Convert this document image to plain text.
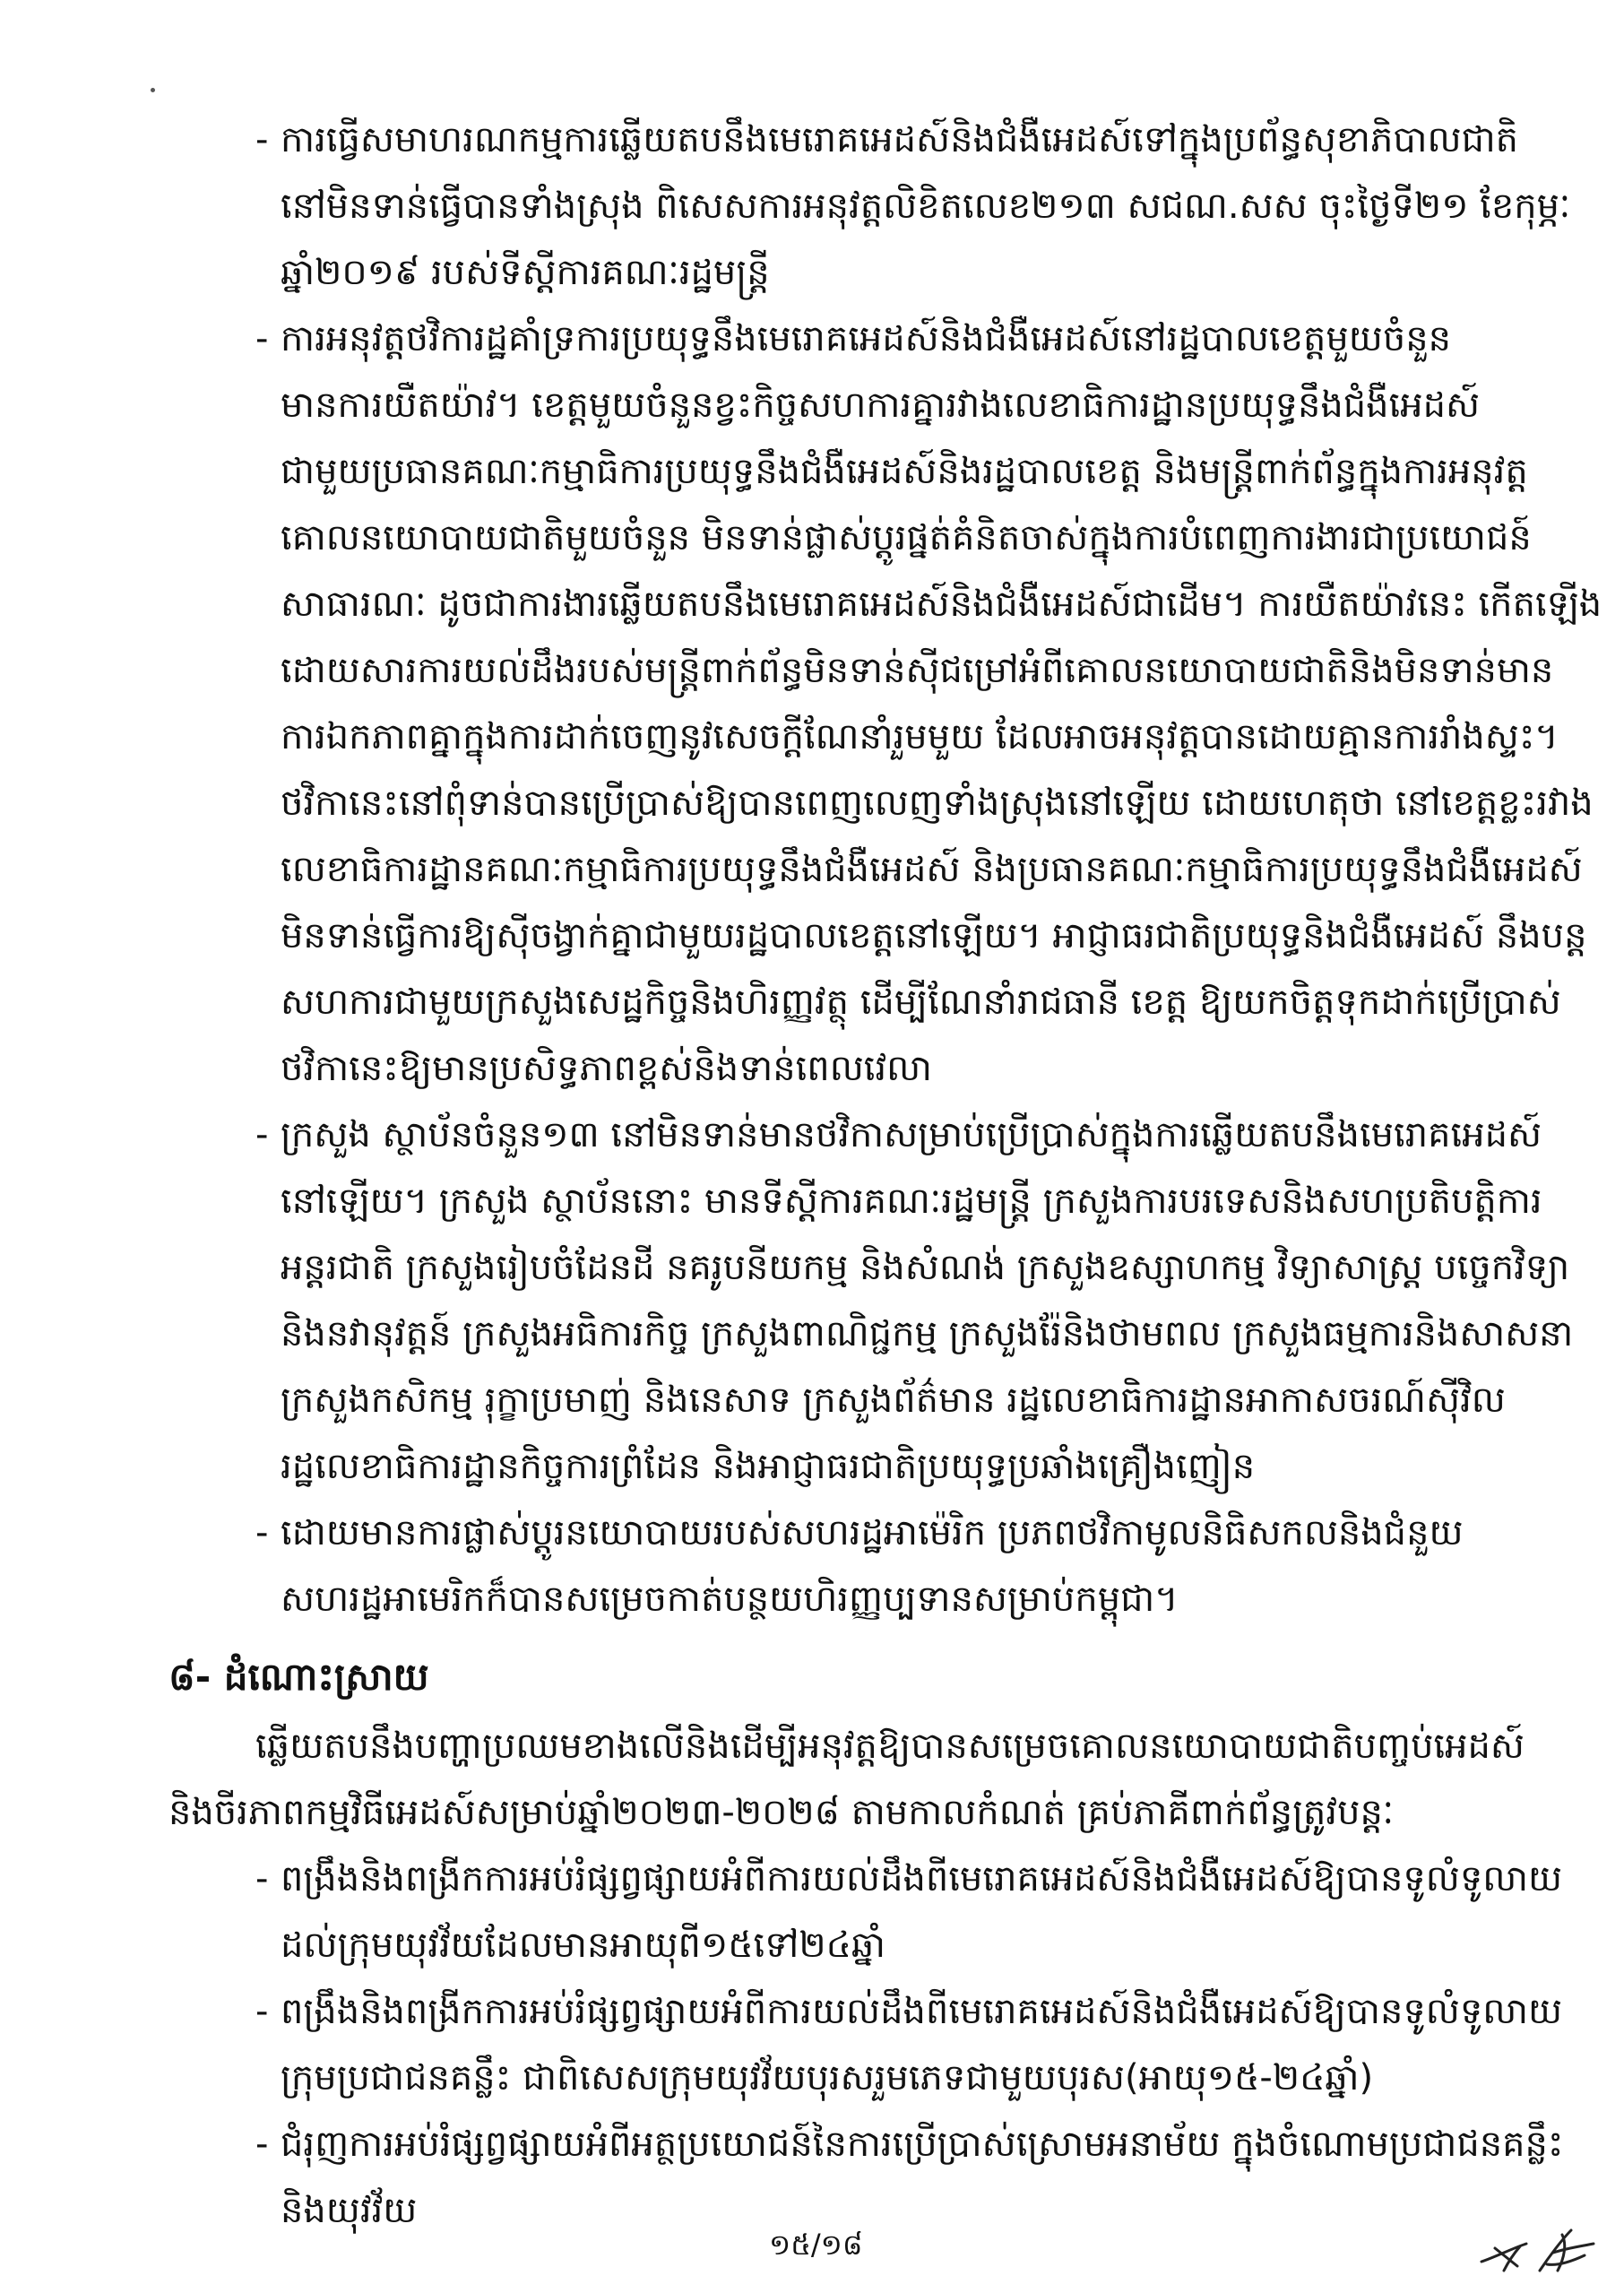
- ការធ្វើសមាហរណកម្មការឆ្លើយតបនឹងមេរោគអេដស៍និងជំងឺអេដស៍ទៅក្នុងប្រព័ន្ធសុខាភិបាលជាតិ
នៅមិនទាន់ធ្វើបានទាំងស្រុង ពិសេសការអនុវត្តលិខិតលេខ២១៣ សជណ.សស ចុះថ្ងៃទី២១ ខែកុម្ភៈ
ឆ្នាំ២០១៩ របស់ទីស្តីការគណៈរដ្ឋមន្ត្រី
- ការអនុវត្តថវិការដ្ឋគាំទ្រការប្រយុទ្ធនឹងមេរោគអេដស៍និងជំងឺអេដស៍នៅរដ្ឋបាលខេត្តមួយចំនួន
មានការយឺតយ៉ាវ។ ខេត្តមួយចំនួនខ្វះកិច្ចសហការគ្នារវាងលេខាធិការដ្ឋានប្រយុទ្ធនឹងជំងឺអេដស៍
ជាមួយប្រធានគណៈកម្មាធិការប្រយុទ្ធនឹងជំងឺអេដស៍និងរដ្ឋបាលខេត្ត និងមន្ត្រីពាក់ព័ន្ធក្នុងការអនុវត្ត
គោលនយោបាយជាតិមួយចំនួន មិនទាន់ផ្លាស់ប្តូរផ្នត់គំនិតចាស់ក្នុងការបំពេញការងារជាប្រយោជន៍
សាធារណៈ ដូចជាការងារឆ្លើយតបនឹងមេរោគអេដស៍និងជំងឺអេដស៍ជាដើម។ ការយឺតយ៉ាវនេះ កើតឡើង
ដោយសារការយល់ដឹងរបស់មន្ត្រីពាក់ព័ន្ធមិនទាន់ស៊ីជម្រៅអំពីគោលនយោបាយជាតិនិងមិនទាន់មាន
ការឯកភាពគ្នាក្នុងការដាក់ចេញនូវសេចក្តីណែនាំរួមមួយ ដែលអាចអនុវត្តបានដោយគ្មានការរាំងស្ទះ។
ថវិកានេះនៅពុំទាន់បានប្រើប្រាស់ឱ្យបានពេញលេញទាំងស្រុងនៅឡើយ ដោយហេតុថា នៅខេត្តខ្លះរវាង
លេខាធិការដ្ឋានគណៈកម្មាធិការប្រយុទ្ធនឹងជំងឺអេដស៍ និងប្រធានគណៈកម្មាធិការប្រយុទ្ធនឹងជំងឺអេដស៍
មិនទាន់ធ្វើការឱ្យស៊ីចង្វាក់គ្នាជាមួយរដ្ឋបាលខេត្តនៅឡើយ។ អាជ្ញាធរជាតិប្រយុទ្ធនិងជំងឺអេដស៍ នឹងបន្ត
សហការជាមួយក្រសួងសេដ្ឋកិច្ចនិងហិរញ្ញវត្ថុ ដើម្បីណែនាំរាជធានី ខេត្ត ឱ្យយកចិត្តទុកដាក់ប្រើប្រាស់
ថវិកានេះឱ្យមានប្រសិទ្ធភាពខ្ពស់និងទាន់ពេលវេលា
- ក្រសួង ស្ថាប័នចំនួន១៣ នៅមិនទាន់មានថវិកាសម្រាប់ប្រើប្រាស់ក្នុងការឆ្លើយតបនឹងមេរោគអេដស៍
នៅឡើយ។ ក្រសួង ស្ថាប័ននោះ មានទីស្តីការគណៈរដ្ឋមន្ត្រី ក្រសួងការបរទេសនិងសហប្រតិបត្តិការ
អន្តរជាតិ ក្រសួងរៀបចំដែនដី នគរូបនីយកម្ម និងសំណង់ ក្រសួងឧស្សាហកម្ម វិទ្យាសាស្ត្រ បច្ចេកវិទ្យា
និងនវានុវត្តន៍ ក្រសួងអធិការកិច្ច ក្រសួងពាណិជ្ជកម្ម ក្រសួងរ៉ែនិងថាមពល ក្រសួងធម្មការនិងសាសនា
ក្រសួងកសិកម្ម រុក្ខាប្រមាញ់ និងនេសាទ ក្រសួងព័ត៌មាន រដ្ឋលេខាធិការដ្ឋានអាកាសចរណ៍ស៊ីវិល
រដ្ឋលេខាធិការដ្ឋានកិច្ចការព្រំដែន និងអាជ្ញាធរជាតិប្រយុទ្ធប្រឆាំងគ្រឿងញៀន
- ដោយមានការផ្លាស់ប្តូរនយោបាយរបស់សហរដ្ឋអាម៉េរិក ប្រភពថវិកាមូលនិធិសកលនិងជំនួយ
សហរដ្ឋអាមេរិកក៏បានសម្រេចកាត់បន្ថយហិរញ្ញប្បទានសម្រាប់កម្ពុជា។
៨- ដំណោះស្រាយ
ឆ្លើយតបនឹងបញ្ហាប្រឈមខាងលើនិងដើម្បីអនុវត្តឱ្យបានសម្រេចគោលនយោបាយជាតិបញ្ចប់អេដស៍
និងចីរភាពកម្មវិធីអេដស៍សម្រាប់ឆ្នាំ២០២៣-២០២៨ តាមកាលកំណត់ គ្រប់ភាគីពាក់ព័ន្ធត្រូវបន្តៈ
- ពង្រឹងនិងពង្រីកការអប់រំផ្សព្វផ្សាយអំពីការយល់ដឹងពីមេរោគអេដស៍និងជំងឺអេដស៍ឱ្យបានទូលំទូលាយ
ដល់ក្រុមយុវវ័យដែលមានអាយុពី១៥ទៅ២៤ឆ្នាំ
- ពង្រឹងនិងពង្រីកការអប់រំផ្សព្វផ្សាយអំពីការយល់ដឹងពីមេរោគអេដស៍និងជំងឺអេដស៍ឱ្យបានទូលំទូលាយ
ក្រុមប្រជាជនគន្លឹះ ជាពិសេសក្រុមយុវវ័យបុរសរួមភេទជាមួយបុរស(អាយុ១៥-២៤ឆ្នាំ)
- ជំរុញការអប់រំផ្សព្វផ្សាយអំពីអត្ថប្រយោជន៍នៃការប្រើប្រាស់ស្រោមអនាម័យ ក្នុងចំណោមប្រជាជនគន្លឹះ
និងយុវវ័យ
១៥/១៨
